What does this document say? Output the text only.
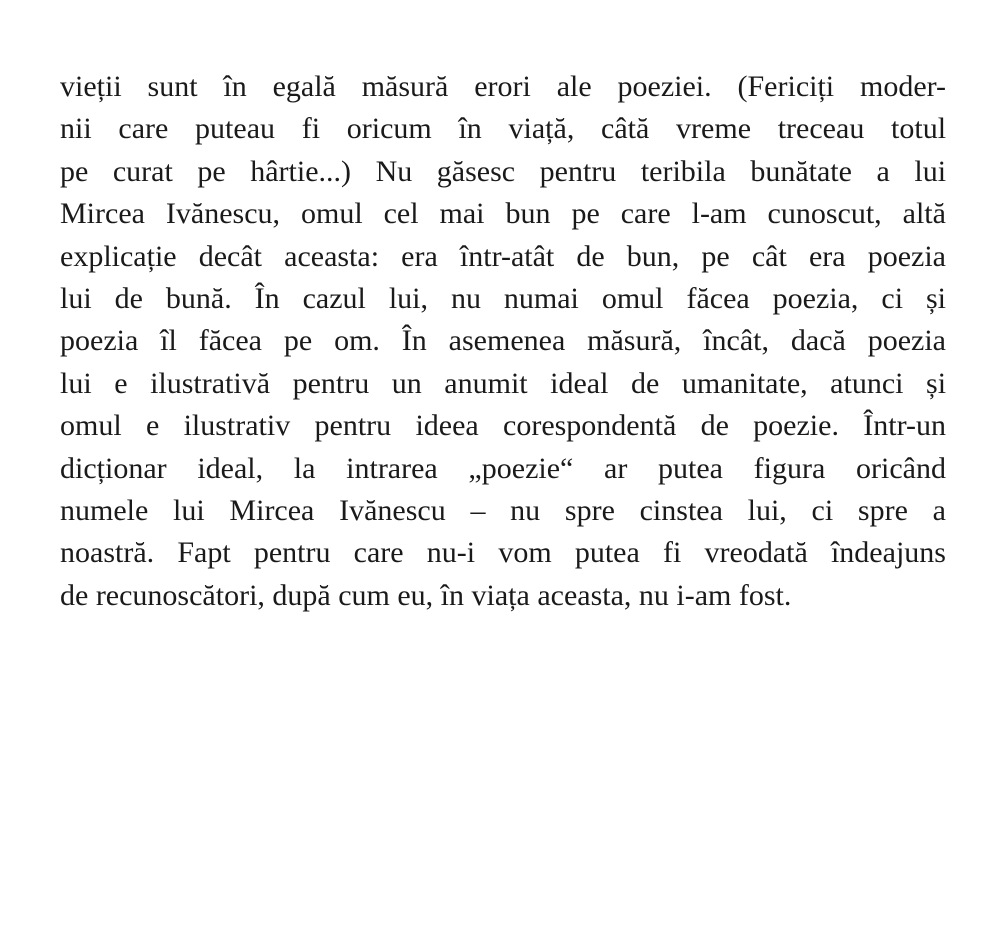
vieții sunt în egală măsură erori ale poeziei. (Fericiți moder-
nii care puteau fi oricum în viață, câtă vreme treceau totul
pe curat pe hârtie...) Nu găsesc pentru teribila bunătate a lui
Mircea Ivănescu, omul cel mai bun pe care l-am cunoscut, altă
explicație decât aceasta: era într-atât de bun, pe cât era poezia
lui de bună. În cazul lui, nu numai omul făcea poezia, ci și
poezia îl făcea pe om. În asemenea măsură, încât, dacă poezia
lui e ilustrativă pentru un anumit ideal de umanitate, atunci și
omul e ilustrativ pentru ideea corespondentă de poezie. Într-un
dicționar ideal, la intrarea „poezie“ ar putea figura oricând
numele lui Mircea Ivănescu – nu spre cinstea lui, ci spre a
noastră. Fapt pentru care nu-i vom putea fi vreodată îndeajuns
de recunoscători, după cum eu, în viața aceasta, nu i-am fost.
